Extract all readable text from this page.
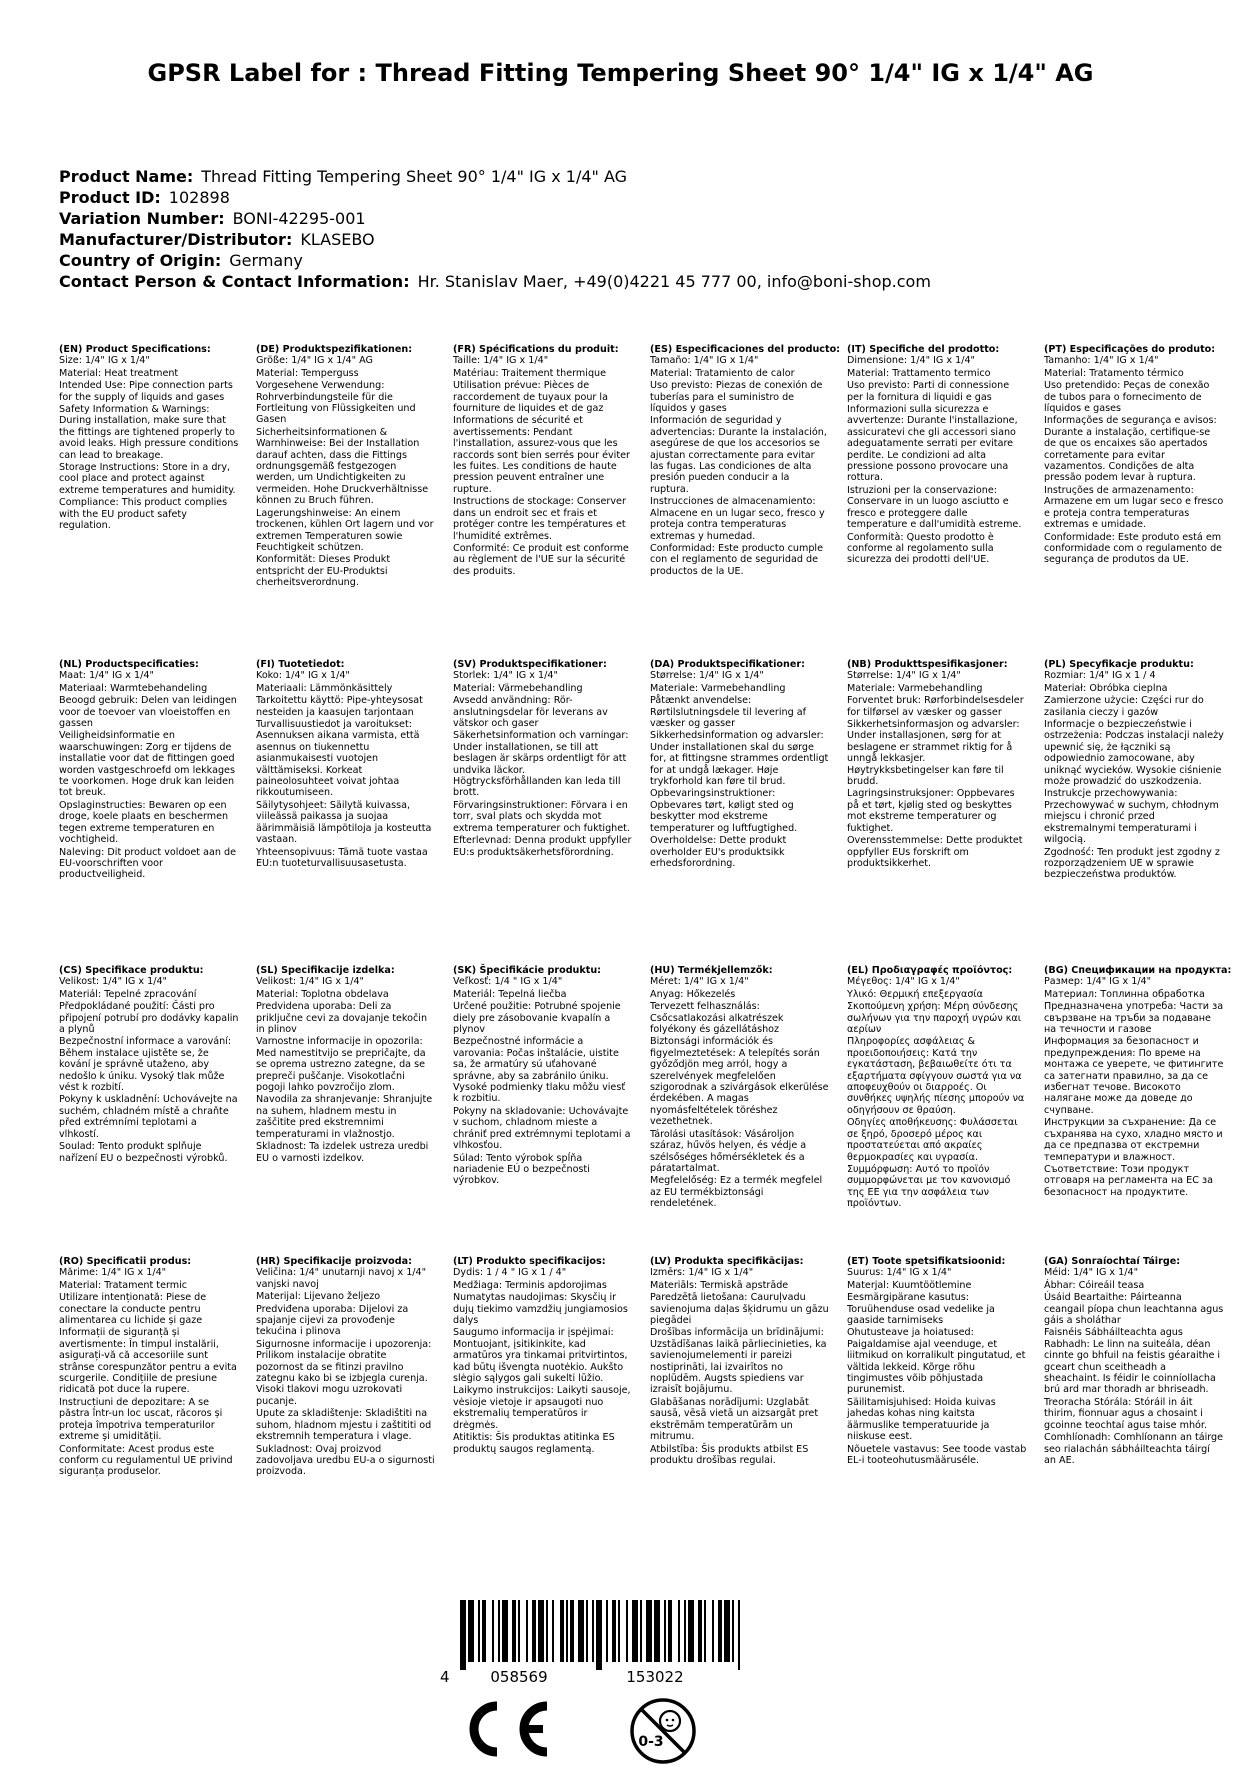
GPSR Label for : Thread Fitting Tempering Sheet 90° 1/4" IG x 1/4" AG
Product Name: Thread Fitting Tempering Sheet 90° 1/4" IG x 1/4" AG
Product ID: 102898
Variation Number: BONI-42295-001
Manufacturer/Distributor: KLASEBO
Country of Origin: Germany
Contact Person & Contact Information: Hr. Stanislav Maer, +49(0)4221 45 777 00, info@boni-shop.com
(EN) Product Specifications:

Size: 1/4" IG x 1/4"

Material: Heat treatment

Intended Use: Pipe connection parts for the supply of liquids and gases

Safety Information & Warnings: During installation, make sure that the fittings are tightened properly to avoid leaks. High pressure conditions can lead to breakage.

Storage Instructions: Store in a dry, cool place and protect against extreme temperatures and humidity.

Compliance: This product complies with the EU product safety regulation.

(DE) Produktspezifikationen:

Größe: 1/4" IG x 1/4" AG

Material: Temperguss

Vorgesehene Verwendung: Rohrverbindungsteile für die Fortleitung von Flüssigkeiten und Gasen

Sicherheitsinformationen & Warnhinweise: Bei der Installation darauf achten, dass die Fittings ordnungsgemäß festgezogen werden, um Undichtigkeiten zu vermeiden. Hohe Druckverhältnisse können zu Bruch führen.

Lagerungshinweise: An einem trockenen, kühlen Ort lagern und vor extremen Temperaturen sowie Feuchtigkeit schützen.

Konformität: Dieses Produkt entspricht der EU-Produktsi cherheitsverordnung.

(FR) Spécifications du produit:

Taille: 1/4" IG x 1/4"

Matériau: Traitement thermique

Utilisation prévue: Pièces de raccordement de tuyaux pour la fourniture de liquides et de gaz

Informations de sécurité et avertissements: Pendant l'installation, assurez-vous que les raccords sont bien serrés pour éviter les fuites. Les conditions de haute pression peuvent entraîner une rupture.

Instructions de stockage: Conserver dans un endroit sec et frais et protéger contre les températures et l'humidité extrêmes.

Conformité: Ce produit est conforme au règlement de l'UE sur la sécurité des produits.

(ES) Especificaciones del producto:

Tamaño: 1/4" IG x 1/4"

Material: Tratamiento de calor

Uso previsto: Piezas de conexión de tuberías para el suministro de líquidos y gases

Información de seguridad y advertencias: Durante la instalación, asegúrese de que los accesorios se ajustan correctamente para evitar las fugas. Las condiciones de alta presión pueden conducir a la ruptura.

Instrucciones de almacenamiento: Almacene en un lugar seco, fresco y proteja contra temperaturas extremas y humedad.

Conformidad: Este producto cumple con el reglamento de seguridad de productos de la UE.

(IT) Specifiche del prodotto:

Dimensione: 1/4" IG x 1/4"

Material: Trattamento termico

Uso previsto: Parti di connessione per la fornitura di liquidi e gas

Informazioni sulla sicurezza e avvertenze: Durante l'installazione, assicuratevi che gli accessori siano adeguatamente serrati per evitare perdite. Le condizioni ad alta pressione possono provocare una rottura.

Istruzioni per la conservazione: Conservare in un luogo asciutto e fresco e proteggere dalle temperature e dall'umidità estreme.

Conformità: Questo prodotto è conforme al regolamento sulla sicurezza dei prodotti dell'UE.

(PT) Especificações do produto:

Tamanho: 1/4" IG x 1/4"

Material: Tratamento térmico

Uso pretendido: Peças de conexão de tubos para o fornecimento de líquidos e gases

Informações de segurança e avisos: Durante a instalação, certifique-se de que os encaixes são apertados corretamente para evitar vazamentos. Condições de alta pressão podem levar à ruptura.

Instruções de armazenamento: Armazene em um lugar seco e fresco e proteja contra temperaturas extremas e umidade.

Conformidade: Este produto está em conformidade com o regulamento de segurança de produtos da UE.

(NL) Productspecificaties:

Maat: 1/4" IG x 1/4"

Materiaal: Warmtebehandeling

Beoogd gebruik: Delen van leidingen voor de toevoer van vloeistoffen en gassen

Veiligheidsinformatie en waarschuwingen: Zorg er tijdens de installatie voor dat de fittingen goed worden vastgeschroefd om lekkages te voorkomen. Hoge druk kan leiden tot breuk.

Opslaginstructies: Bewaren op een droge, koele plaats en beschermen tegen extreme temperaturen en vochtigheid.

Naleving: Dit product voldoet aan de EU-voorschriften voor productveiligheid.

(FI) Tuotetiedot:

Koko: 1/4" IG x 1/4"

Materiaali: Lämmönkäsittely

Tarkoitettu käyttö: Pipe-yhteysosat nesteiden ja kaasujen tarjontaan

Turvallisuustiedot ja varoitukset: Asennuksen aikana varmista, että asennus on tiukennettu asianmukaisesti vuotojen välttämiseksi. Korkeat paineolosuhteet voivat johtaa rikkoutumiseen.

Säilytysohjeet: Säilytä kuivassa, viileässä paikassa ja suojaa äärimmäisiä lämpötiloja ja kosteutta vastaan.

Yhteensopivuus: Tämä tuote vastaa EU:n tuoteturvallisuusasetusta.

(SV) Produktspecifikationer:

Storlek: 1/4" IG x 1/4"

Material: Värmebehandling

Avsedd användning: Rör-anslutningsdelar för leverans av vätskor och gaser

Säkerhetsinformation och varningar: Under installationen, se till att beslagen är skärps ordentligt för att undvika läckor. Högtrycksförhållanden kan leda till brott.

Förvaringsinstruktioner: Förvara i en torr, sval plats och skydda mot extrema temperaturer och fuktighet.

Efterlevnad: Denna produkt uppfyller EU:s produktsäkerhetsförordning.

(DA) Produktspecifikationer:

Størrelse: 1/4" IG x 1/4"

Materiale: Varmebehandling

Påtænkt anvendelse: Rørtilslutningsdele til levering af væsker og gasser

Sikkerhedsinformation og advarsler: Under installationen skal du sørge for, at fittingsne strammes ordentligt for at undgå lækager. Høje trykforhold kan føre til brud.

Opbevaringsinstruktioner: Opbevares tørt, køligt sted og beskytter mod ekstreme temperaturer og luftfugtighed.

Overholdelse: Dette produkt overholder EU's produktsikk erhedsforordning.

(NB) Produkttspesifikasjoner:

Størrelse: 1/4" IG x 1/4"

Materiale: Varmebehandling

Forventet bruk: Rørforbindelsesdeler for tilførsel av væsker og gasser

Sikkerhetsinformasjon og advarsler: Under installasjonen, sørg for at beslagene er strammet riktig for å unngå lekkasjer. Høytrykksbetingelser kan føre til brudd.

Lagringsinstruksjoner: Oppbevares på et tørt, kjølig sted og beskyttes mot ekstreme temperaturer og fuktighet.

Overensstemmelse: Dette produktet oppfyller EUs forskrift om produktsikkerhet.

(PL) Specyfikacje produktu:

Rozmiar: 1/4" IG x 1 / 4

Materiał: Obróbka cieplna

Zamierzone użycie: Części rur do zasilania cieczy i gazów

Informacje o bezpieczeństwie i ostrzeżenia: Podczas instalacji należy upewnić się, że łączniki są odpowiednio zamocowane, aby uniknąć wycieków. Wysokie ciśnienie może prowadzić do uszkodzenia.

Instrukcje przechowywania: Przechowywać w suchym, chłodnym miejscu i chronić przed ekstremalnymi temperaturami i wilgocią.

Zgodność: Ten produkt jest zgodny z rozporządzeniem UE w sprawie bezpieczeństwa produktów.

(CS) Specifikace produktu:

Velikost: 1/4" IG x 1/4"

Materiál: Tepelné zpracování

Předpokládané použití: Části pro připojení potrubí pro dodávky kapalin a plynů

Bezpečnostní informace a varování: Během instalace ujistěte se, že kování je správně utaženo, aby nedošlo k úniku. Vysoký tlak může vést k rozbití.

Pokyny k uskladnění: Uchovávejte na suchém, chladném místě a chraňte před extrémními teplotami a vlhkostí.

Soulad: Tento produkt splňuje nařízení EU o bezpečnosti výrobků.

(SL) Specifikacije izdelka:

Velikost: 1/4" IG x 1/4"

Material: Toplotna obdelava

Predvidena uporaba: Deli za priključne cevi za dovajanje tekočin in plinov

Varnostne informacije in opozorila: Med namestitvijo se prepričajte, da se oprema ustrezno zategne, da se prepreči puščanje. Visokotlačni pogoji lahko povzročijo zlom.

Navodila za shranjevanje: Shranjujte na suhem, hladnem mestu in zaščitite pred ekstremnimi temperaturami in vlažnostjo.

Skladnost: Ta izdelek ustreza uredbi EU o varnosti izdelkov.

(SK) Špecifikácie produktu:

Veľkosť: 1/4 " IG x 1/4"

Materiál: Tepelná liečba

Určené použitie: Potrubné spojenie diely pre zásobovanie kvapalín a plynov

Bezpečnostné informácie a varovania: Počas inštalácie, uistite sa, že armatúry sú uťahované správne, aby sa zabránilo úniku. Vysoké podmienky tlaku môžu viesť k rozbitiu.

Pokyny na skladovanie: Uchovávajte v suchom, chladnom mieste a chrániť pred extrémnymi teplotami a vlhkosťou.

Súlad: Tento výrobok spĺňa nariadenie EÚ o bezpečnosti výrobkov.

(HU) Termékjellemzők:

Méret: 1/4" IG x 1/4"

Anyag: Hőkezelés

Tervezett felhasználás: Csőcsatlakozási alkatrészek folyékony és gázellátáshoz

Biztonsági információk és figyelmeztetések: A telepítés során győződjön meg arról, hogy a szerelvények megfelelően szigorodnak a szivárgások elkerülése érdekében. A magas nyomásfeltételek töréshez vezethetnek.

Tárolási utasítások: Vásároljon száraz, hűvös helyen, és védje a szélsőséges hőmérsékletek és a páratartalmat.

Megfelelőség: Ez a termék megfelel az EU termékbiztonsági rendeletének.

(EL) Προδιαγραφές προϊόντος:

Μέγεθος: 1/4" IG x 1/4"

Υλικό: Θερμική επεξεργασία

Σκοπούμενη χρήση: Μέρη σύνδεσης σωλήνων για την παροχή υγρών και αερίων

Πληροφορίες ασφάλειας & προειδοποιήσεις: Κατά την εγκατάσταση, βεβαιωθείτε ότι τα εξαρτήματα σφίγγουν σωστά για να αποφευχθούν οι διαρροές. Οι συνθήκες υψηλής πίεσης μπορούν να οδηγήσουν σε θραύση.

Οδηγίες αποθήκευσης: Φυλάσσεται σε ξηρό, δροσερό μέρος και προστατεύεται από ακραίες θερμοκρασίες και υγρασία.

Συμμόρφωση: Αυτό το προϊόν συμμορφώνεται με τον κανονισμό της ΕΕ για την ασφάλεια των προϊόντων.

(BG) Спецификации на продукта:

Размер: 1/4" IG x 1/4"

Материал: Топлинна обработка

Предназначена употреба: Части за свързване на тръби за подаване на течности и газове

Информация за безопасност и предупреждения: По време на монтажа се уверете, че фитингите са затегнати правилно, за да се избегнат течове. Високото налягане може да доведе до счупване.

Инструкции за съхранение: Да се съхранява на сухо, хладно място и да се предпазва от екстремни температури и влажност.

Съответствие: Този продукт отговаря на регламента на ЕС за безопасност на продуктите.

(RO) Specificatii produs:

Mărime: 1/4" IG x 1/4"

Material: Tratament termic

Utilizare intenționată: Piese de conectare la conducte pentru alimentarea cu lichide și gaze

Informații de siguranță și avertismente: În timpul instalării, asigurați-vă că accesoriile sunt strânse corespunzător pentru a evita scurgerile. Condițiile de presiune ridicată pot duce la rupere.

Instrucțiuni de depozitare: A se păstra într-un loc uscat, răcoros și proteja împotriva temperaturilor extreme și umidității.

Conformitate: Acest produs este conform cu regulamentul UE privind siguranța produselor.

(HR) Specifikacije proizvoda:

Veličina: 1/4" unutarnji navoj x 1/4" vanjski navoj

Materijal: Lijevano željezo

Predviđena uporaba: Dijelovi za spajanje cijevi za provođenje tekućina i plinova

Sigurnosne informacije i upozorenja: Prilikom instalacije obratite pozornost da se fitinzi pravilno zategnu kako bi se izbjegla curenja. Visoki tlakovi mogu uzrokovati pucanje.

Upute za skladištenje: Skladištiti na suhom, hladnom mjestu i zaštititi od ekstremnih temperatura i vlage.

Sukladnost: Ovaj proizvod zadovoljava uredbu EU-a o sigurnosti proizvoda.

(LT) Produkto specifikacijos:

Dydis: 1 / 4 " IG x 1 / 4"

Medžiaga: Terminis apdorojimas

Numatytas naudojimas: Skysčių ir dujų tiekimo vamzdžių jungiamosios dalys

Saugumo informacija ir įspėjimai: Montuojant, įsitikinkite, kad armatūros yra tinkamai pritvirtintos, kad būtų išvengta nuotėkio. Aukšto slėgio sąlygos gali sukelti lūžio.

Laikymo instrukcijos: Laikyti sausoje, vėsioje vietoje ir apsaugoti nuo ekstremalių temperatūros ir drėgmės.

Atitiktis: Šis produktas atitinka ES produktų saugos reglamentą.

(LV) Produkta specifikācijas:

Izmērs: 1/4" IG x 1/4"

Materiāls: Termiskā apstrāde

Paredzētā lietošana: Cauruļvadu savienojuma daļas šķidrumu un gāzu piegādei

Drošības informācija un brīdinājumi: Uzstādīšanas laikā pārliecinieties, ka savienojumelementi ir pareizi nostiprināti, lai izvairītos no noplūdēm. Augsts spiediens var izraisīt bojājumu.

Glabāšanas norādījumi: Uzglabāt sausā, vēsā vietā un aizsargāt pret ekstrēmām temperatūrām un mitrumu.

Atbilstība: Šis produkts atbilst ES produktu drošības regulai.

(ET) Toote spetsifikatsioonid:

Suurus: 1/4" IG x 1/4"

Materjal: Kuumtöötlemine

Eesmärgipärane kasutus: Toruühenduse osad vedelike ja gaaside tarnimiseks

Ohutusteave ja hoiatused: Paigaldamise ajal veenduge, et liitmikud on korralikult pingutatud, et vältida lekkeid. Kõrge rõhu tingimustes võib põhjustada purunemist.

Säilitamisjuhised: Hoida kuivas jahedas kohas ning kaitsta äärmuslike temperatuuride ja niiskuse eest.

Nõuetele vastavus: See toode vastab EL-i tooteohutusmääruséle.

(GA) Sonraíochtaí Táirge:

Méid: 1/4" IG x 1/4"

Ábhar: Cóireáil teasa

Úsáid Beartaithe: Páirteanna ceangail píopa chun leachtanna agus gáis a sholáthar

Faisnéis Sábháilteachta agus Rabhadh: Le linn na suiteála, déan cinnte go bhfuil na feistis géaraithe i gceart chun sceitheadh a sheachaint. Is féidir le coinníollacha brú ard mar thoradh ar bhriseadh.

Treoracha Stórála: Stóráil in áit thirim, fionnuar agus a chosaint i gcoinne teochtaí agus taise mhór.

Comhlíonadh: Comhlíonann an táirge seo rialachán sábháilteachta táirgí an AE.

4	058569	153022
0-3
